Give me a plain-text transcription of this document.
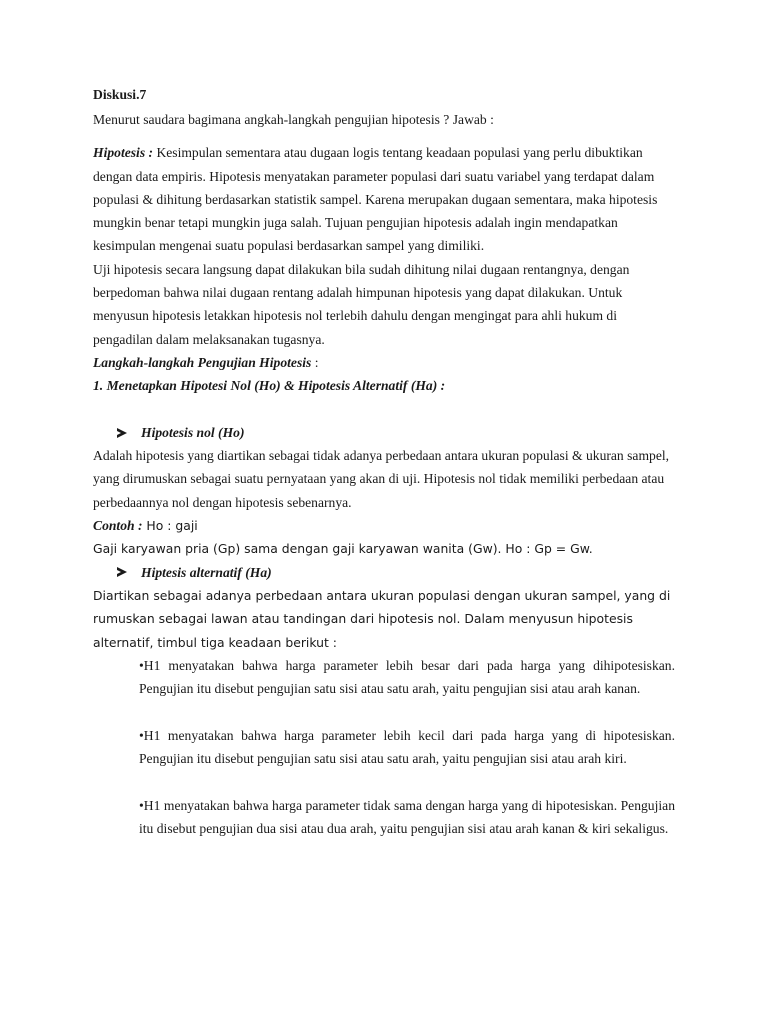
Diskusi.7

Menurut saudara bagimana angkah-langkah pengujian hipotesis ? Jawab :

Hipotesis : Kesimpulan sementara atau dugaan logis tentang keadaan populasi yang perlu dibuktikan dengan data empiris. Hipotesis menyatakan parameter populasi dari suatu variabel yang terdapat dalam populasi & dihitung berdasarkan statistik sampel. Karena merupakan dugaan sementara, maka hipotesis mungkin benar tetapi mungkin juga salah. Tujuan pengujian hipotesis adalah ingin mendapatkan kesimpulan mengenai suatu populasi berdasarkan sampel yang dimiliki.

Uji hipotesis secara langsung dapat dilakukan bila sudah dihitung nilai dugaan rentangnya, dengan berpedoman bahwa nilai dugaan rentang adalah himpunan hipotesis yang dapat dilakukan. Untuk menyusun hipotesis letakkan hipotesis nol terlebih dahulu dengan mengingat para ahli hukum di pengadilan dalam melaksanakan tugasnya.

Langkah-langkah Pengujian Hipotesis :

1. Menetapkan Hipotesi Nol (Ho) & Hipotesis Alternatif (Ha) :

Hipotesis nol (Ho)

Adalah hipotesis yang diartikan sebagai tidak adanya perbedaan antara ukuran populasi & ukuran sampel, yang dirumuskan sebagai suatu pernyataan yang akan di uji. Hipotesis nol tidak memiliki perbedaan atau perbedaannya nol dengan hipotesis sebenarnya.

Contoh : Ho : gaji

Gaji karyawan pria (Gp) sama dengan gaji karyawan wanita (Gw). Ho : Gp = Gw.

Hiptesis alternatif (Ha)

Diartikan sebagai adanya perbedaan antara ukuran populasi dengan ukuran sampel, yang di rumuskan sebagai lawan atau tandingan dari hipotesis nol. Dalam menyusun hipotesis alternatif, timbul tiga keadaan berikut :

•H1 menyatakan bahwa harga parameter lebih besar dari pada harga yang dihipotesiskan. Pengujian itu disebut pengujian satu sisi atau satu arah, yaitu pengujian sisi atau arah kanan.

•H1 menyatakan bahwa harga parameter lebih kecil dari pada harga yang di hipotesiskan. Pengujian itu disebut pengujian satu sisi atau satu arah, yaitu pengujian sisi atau arah kiri.

•H1 menyatakan bahwa harga parameter tidak sama dengan harga yang di hipotesiskan. Pengujian itu disebut pengujian dua sisi atau dua arah, yaitu pengujian sisi atau arah kanan & kiri sekaligus.
